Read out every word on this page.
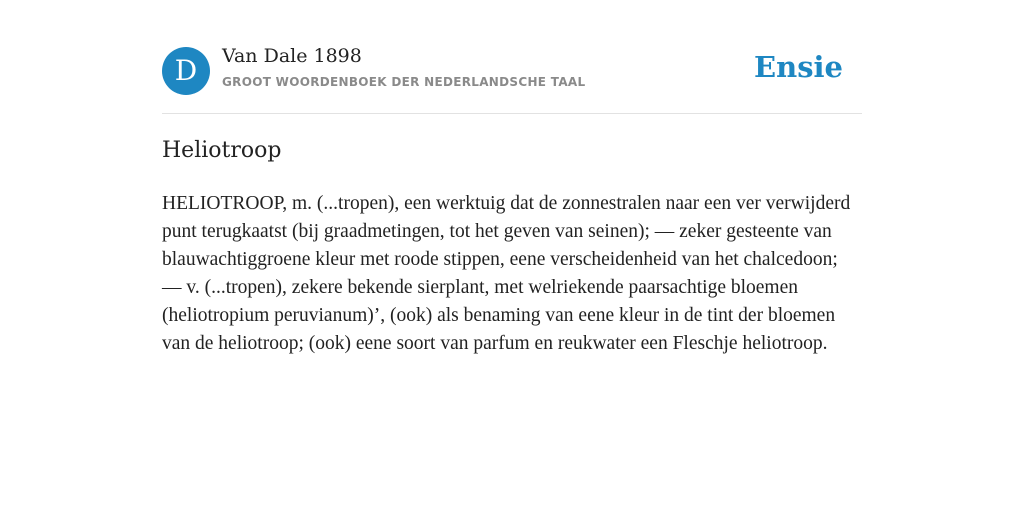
D	Van Dale 1898
GROOT WOORDENBOEK DER NEDERLANDSCHE TAAL	Ensie
Heliotroop

HELIOTROOP, m. (...tropen), een werktuig dat de zonnestralen naar een ver verwijderd punt terugkaatst (bij graadmetingen, tot het geven van seinen); — zeker gesteente van blauwachtiggroene kleur met roode stippen, eene verscheidenheid van het chalcedoon; — v. (...tropen), zekere bekende sierplant, met welriekende paarsachtige bloemen (heliotropium peruvianum)’, (ook) als benaming van eene kleur in de tint der bloemen van de heliotroop; (ook) eene soort van parfum en reukwater een Fleschje heliotroop.
